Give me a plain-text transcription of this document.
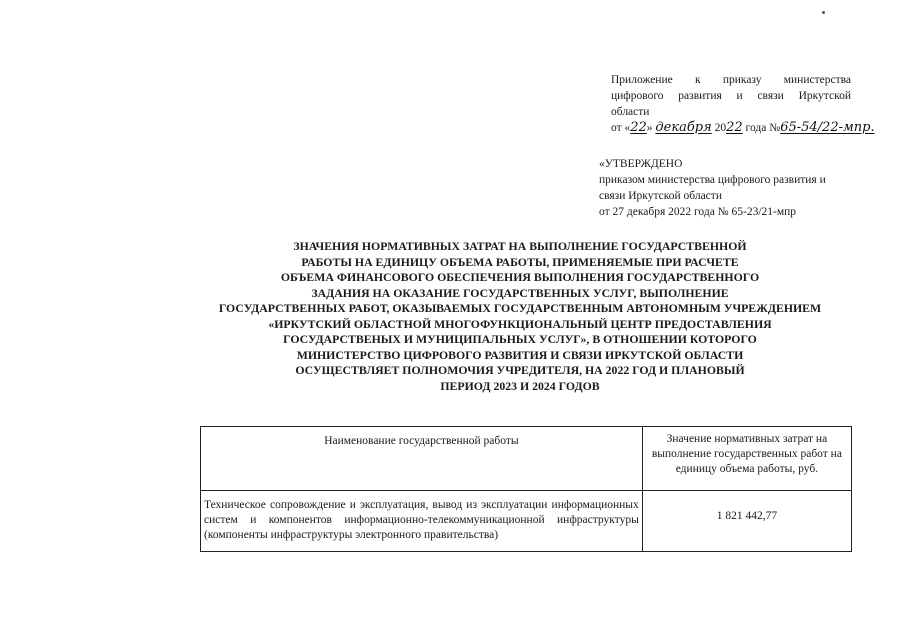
Приложение к приказу министерства
цифрового развития и связи Иркутской
области
от «22» декабря 2022 года №65-54/22-мпр.
«УТВЕРЖДЕНО
приказом министерства цифрового развития и
связи Иркутской области
от 27 декабря 2022 года № 65-23/21-мпр
ЗНАЧЕНИЯ НОРМАТИВНЫХ ЗАТРАТ НА ВЫПОЛНЕНИЕ ГОСУДАРСТВЕННОЙ
РАБОТЫ НА ЕДИНИЦУ ОБЪЕМА РАБОТЫ, ПРИМЕНЯЕМЫЕ ПРИ РАСЧЕТЕ
ОБЪЕМА ФИНАНСОВОГО ОБЕСПЕЧЕНИЯ ВЫПОЛНЕНИЯ ГОСУДАРСТВЕННОГО
ЗАДАНИЯ НА ОКАЗАНИЕ ГОСУДАРСТВЕННЫХ УСЛУГ, ВЫПОЛНЕНИЕ
ГОСУДАРСТВЕННЫХ РАБОТ, ОКАЗЫВАЕМЫХ ГОСУДАРСТВЕННЫМ АВТОНОМНЫМ УЧРЕЖДЕНИЕМ
«ИРКУТСКИЙ ОБЛАСТНОЙ МНОГОФУНКЦИОНАЛЬНЫЙ ЦЕНТР ПРЕДОСТАВЛЕНИЯ
ГОСУДАРСТВЕНЫХ И МУНИЦИПАЛЬНЫХ УСЛУГ», В ОТНОШЕНИИ КОТОРОГО
МИНИСТЕРСТВО ЦИФРОВОГО РАЗВИТИЯ И СВЯЗИ ИРКУТСКОЙ ОБЛАСТИ
ОСУЩЕСТВЛЯЕТ ПОЛНОМОЧИЯ УЧРЕДИТЕЛЯ, НА 2022 ГОД И ПЛАНОВЫЙ
ПЕРИОД 2023 И 2024 ГОДОВ
Наименование государственной работы	Значение нормативных затрат на выполнение государственных работ на единицу объема работы, руб.

Техническое сопровождение и эксплуатация, вывод из эксплуатации информационных систем и компонентов информационно-телекоммуникационной инфраструктуры (компоненты инфраструктуры электронного правительства)	1 821 442,77
